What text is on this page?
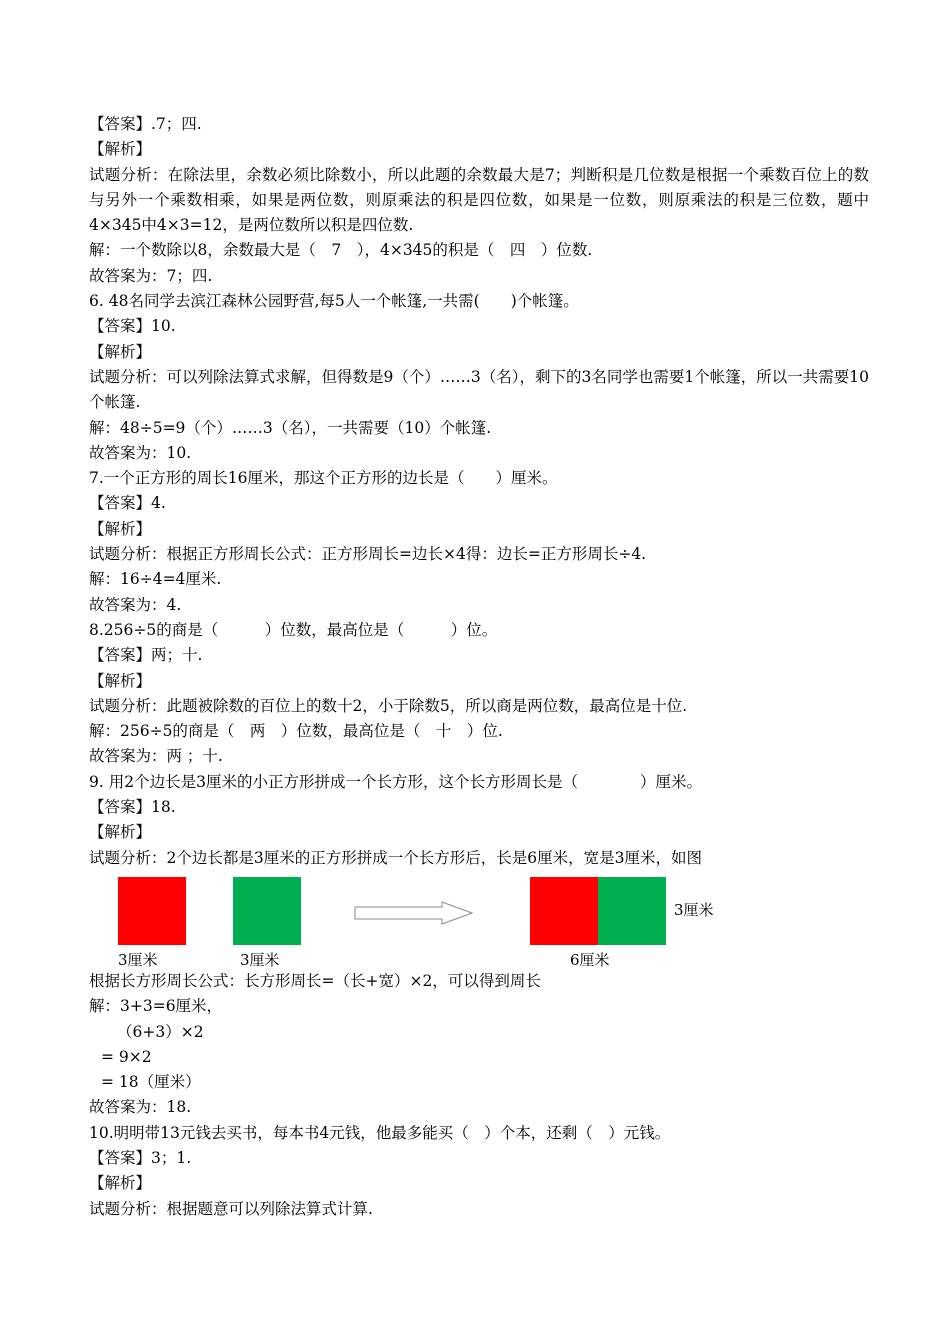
【答案】.7；四.
【解析】
试题分析：在除法里，余数必须比除数小，所以此题的余数最大是7；判断积是几位数是根据一个乘数百位上的数与另外一个乘数相乘，如果是两位数，则原乘法的积是四位数，如果是一位数，则原乘法的积是三位数，题中4×345中4×3=12，是两位数所以积是四位数.
解：一个数除以8，余数最大是（　7　），4×345的积是（　四　）位数.
故答案为：7；四.
6. 48名同学去滨江森林公园野营,每5人一个帐篷,一共需(　　)个帐篷。
【答案】10.
【解析】
试题分析：可以列除法算式求解，但得数是9（个）……3（名），剩下的3名同学也需要1个帐篷，所以一共需要10个帐篷.
解：48÷5=9（个）……3（名），一共需要（10）个帐篷.
故答案为：10.
7.一个正方形的周长16厘米，那这个正方形的边长是（　　）厘米。
【答案】4.
【解析】
试题分析：根据正方形周长公式：正方形周长=边长×4得：边长=正方形周长÷4.
解：16÷4=4厘米.
故答案为：4.
8.256÷5的商是（　　　）位数，最高位是（　　　）位。
【答案】两；十.
【解析】
试题分析：此题被除数的百位上的数十2，小于除数5，所以商是两位数，最高位是十位.
解：256÷5的商是（　两　）位数，最高位是（　十　）位.
故答案为：两 ；十.
9. 用2个边长是3厘米的小正方形拼成一个长方形，这个长方形周长是（　　　　）厘米。
【答案】18.
【解析】
试题分析：2个边长都是3厘米的正方形拼成一个长方形后，长是6厘米，宽是3厘米，如图
3厘米
3厘米	3厘米	6厘米
根据长方形周长公式：长方形周长=（长+宽）×2，可以得到周长
解：3+3=6厘米，
（6+3）×2
= 9×2
= 18（厘米）
故答案为：18.
10.明明带13元钱去买书，每本书4元钱，他最多能买（　）个本，还剩（　）元钱。
【答案】3；1.
【解析】
试题分析：根据题意可以列除法算式计算.
